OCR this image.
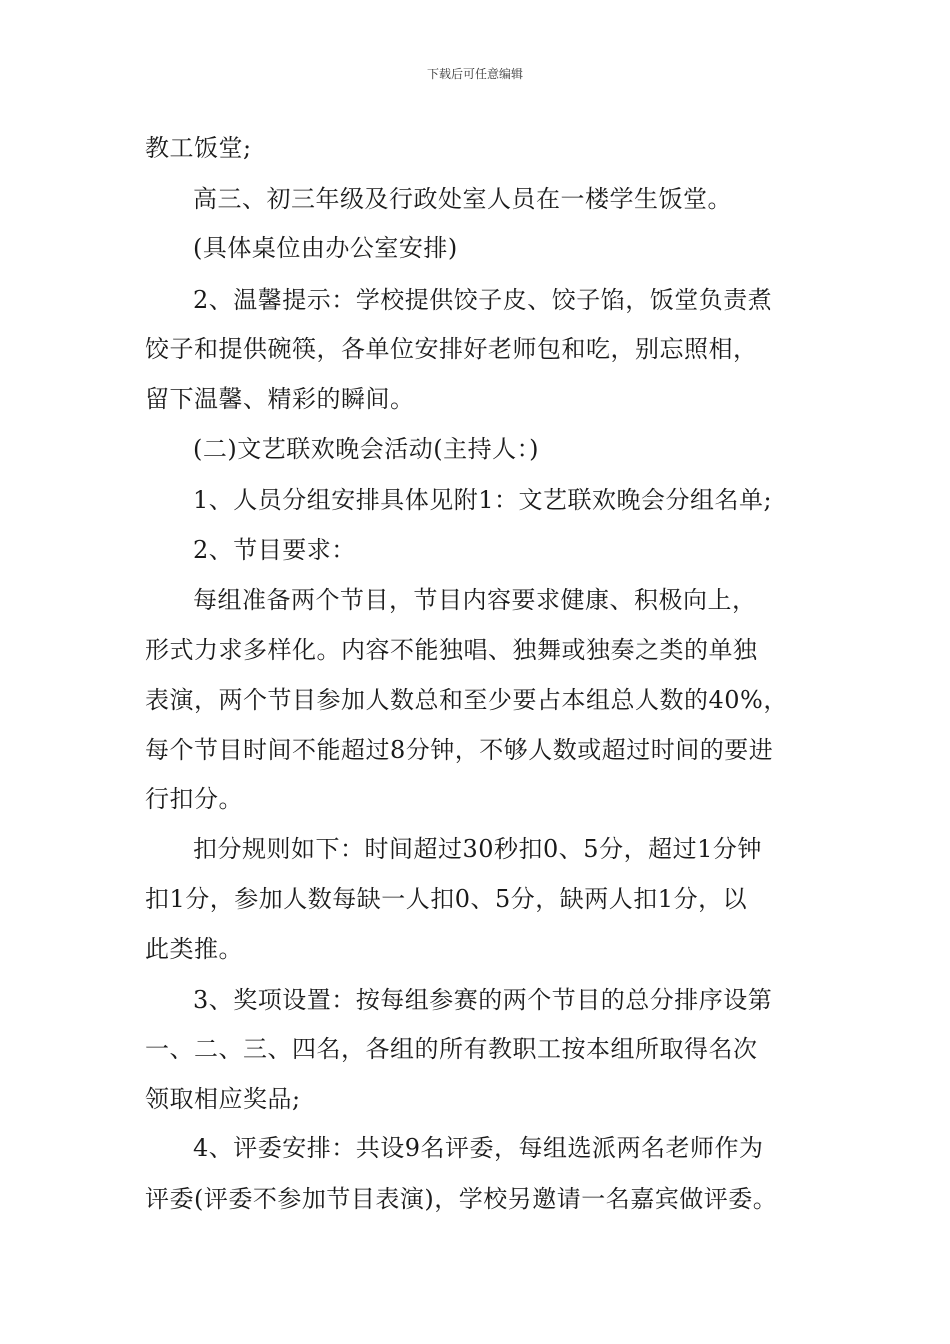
下载后可任意编辑
教工饭堂;
高三、初三年级及行政处室人员在一楼学生饭堂。
(具体桌位由办公室安排)
2、温馨提示：学校提供饺子皮、饺子馅，饭堂负责煮
饺子和提供碗筷，各单位安排好老师包和吃，别忘照相，
留下温馨、精彩的瞬间。
(二)文艺联欢晚会活动(主持人：)
1、人员分组安排具体见附1：文艺联欢晚会分组名单;
2、节目要求：
每组准备两个节目，节目内容要求健康、积极向上，
形式力求多样化。内容不能独唱、独舞或独奏之类的单独
表演，两个节目参加人数总和至少要占本组总人数的40%，
每个节目时间不能超过8分钟，不够人数或超过时间的要进
行扣分。
扣分规则如下：时间超过30秒扣0、5分，超过1分钟
扣1分，参加人数每缺一人扣0、5分，缺两人扣1分，以
此类推。
3、奖项设置：按每组参赛的两个节目的总分排序设第
一、二、三、四名，各组的所有教职工按本组所取得名次
领取相应奖品;
4、评委安排：共设9名评委，每组选派两名老师作为
评委(评委不参加节目表演)，学校另邀请一名嘉宾做评委。
